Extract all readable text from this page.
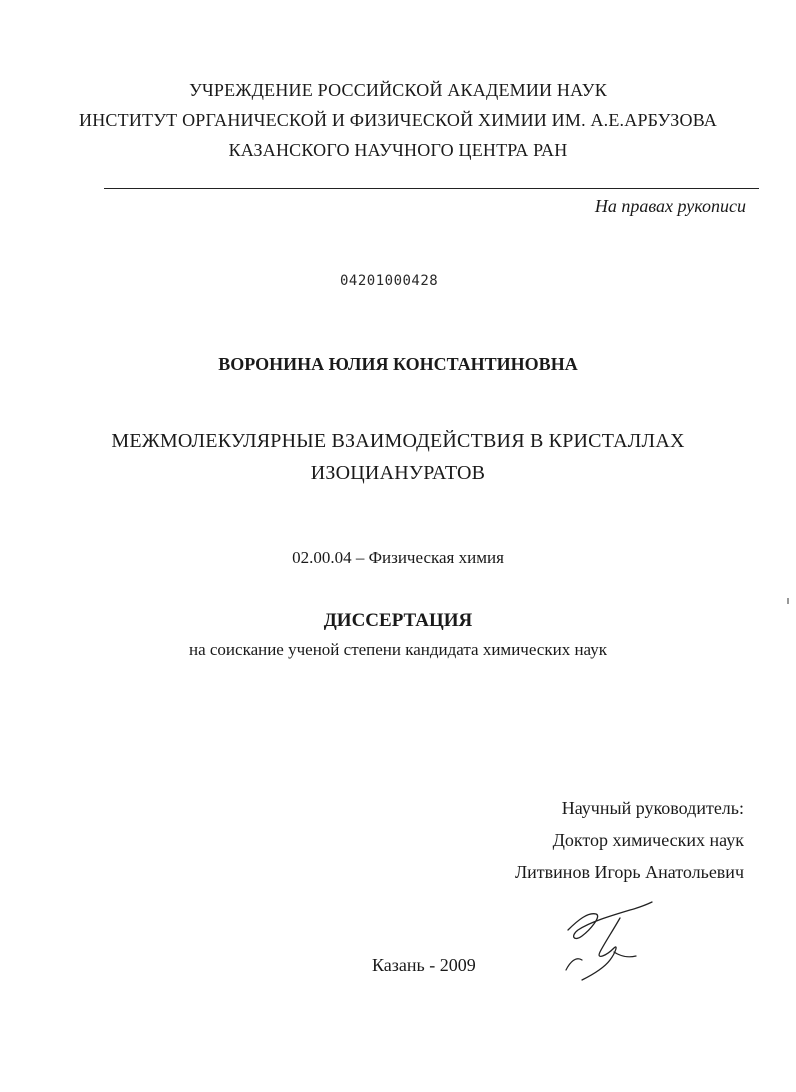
УЧРЕЖДЕНИЕ РОССИЙСКОЙ АКАДЕМИИ НАУК
ИНСТИТУТ ОРГАНИЧЕСКОЙ И ФИЗИЧЕСКОЙ ХИМИИ ИМ. А.Е.АРБУЗОВА
КАЗАНСКОГО НАУЧНОГО ЦЕНТРА РАН
На правах рукописи
04201000428
ВОРОНИНА ЮЛИЯ КОНСТАНТИНОВНА
МЕЖМОЛЕКУЛЯРНЫЕ ВЗАИМОДЕЙСТВИЯ В КРИСТАЛЛАХ
ИЗОЦИАНУРАТОВ
02.00.04 – Физическая химия
ДИССЕРТАЦИЯ
на соискание ученой степени кандидата химических наук
Научный руководитель:
Доктор химических наук
Литвинов Игорь Анатольевич
Казань - 2009
